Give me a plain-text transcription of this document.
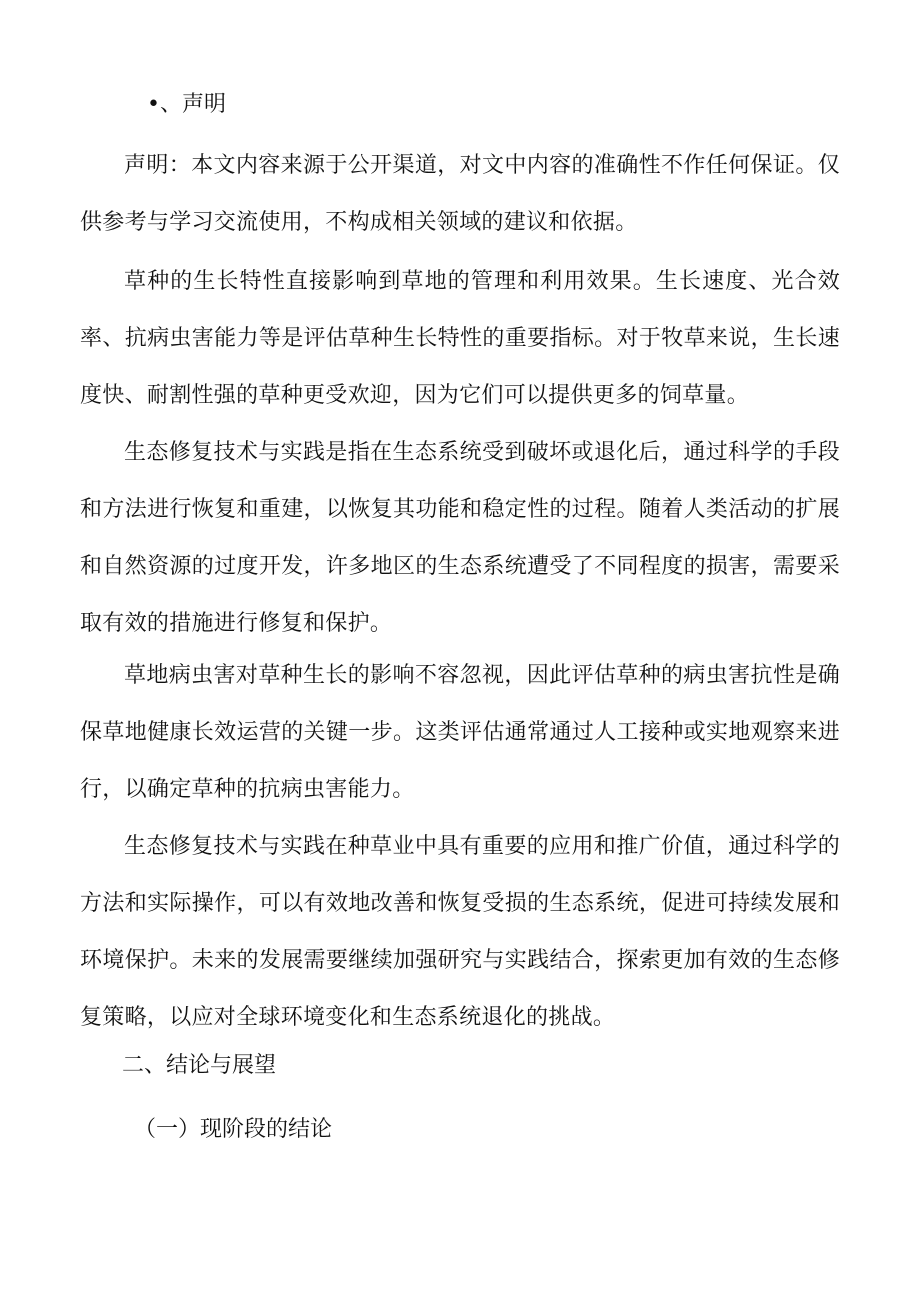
•、声明

声明：本文内容来源于公开渠道，对文中内容的准确性不作任何保证。仅供参考与学习交流使用，不构成相关领域的建议和依据。

草种的生长特性直接影响到草地的管理和利用效果。生长速度、光合效率、抗病虫害能力等是评估草种生长特性的重要指标。对于牧草来说，生长速度快、耐割性强的草种更受欢迎，因为它们可以提供更多的饲草量。

生态修复技术与实践是指在生态系统受到破坏或退化后，通过科学的手段和方法进行恢复和重建，以恢复其功能和稳定性的过程。随着人类活动的扩展和自然资源的过度开发，许多地区的生态系统遭受了不同程度的损害，需要采取有效的措施进行修复和保护。

草地病虫害对草种生长的影响不容忽视，因此评估草种的病虫害抗性是确保草地健康长效运营的关键一步。这类评估通常通过人工接种或实地观察来进行，以确定草种的抗病虫害能力。

生态修复技术与实践在种草业中具有重要的应用和推广价值，通过科学的方法和实际操作，可以有效地改善和恢复受损的生态系统，促进可持续发展和环境保护。未来的发展需要继续加强研究与实践结合，探索更加有效的生态修复策略，以应对全球环境变化和生态系统退化的挑战。

二、结论与展望
（一）现阶段的结论
